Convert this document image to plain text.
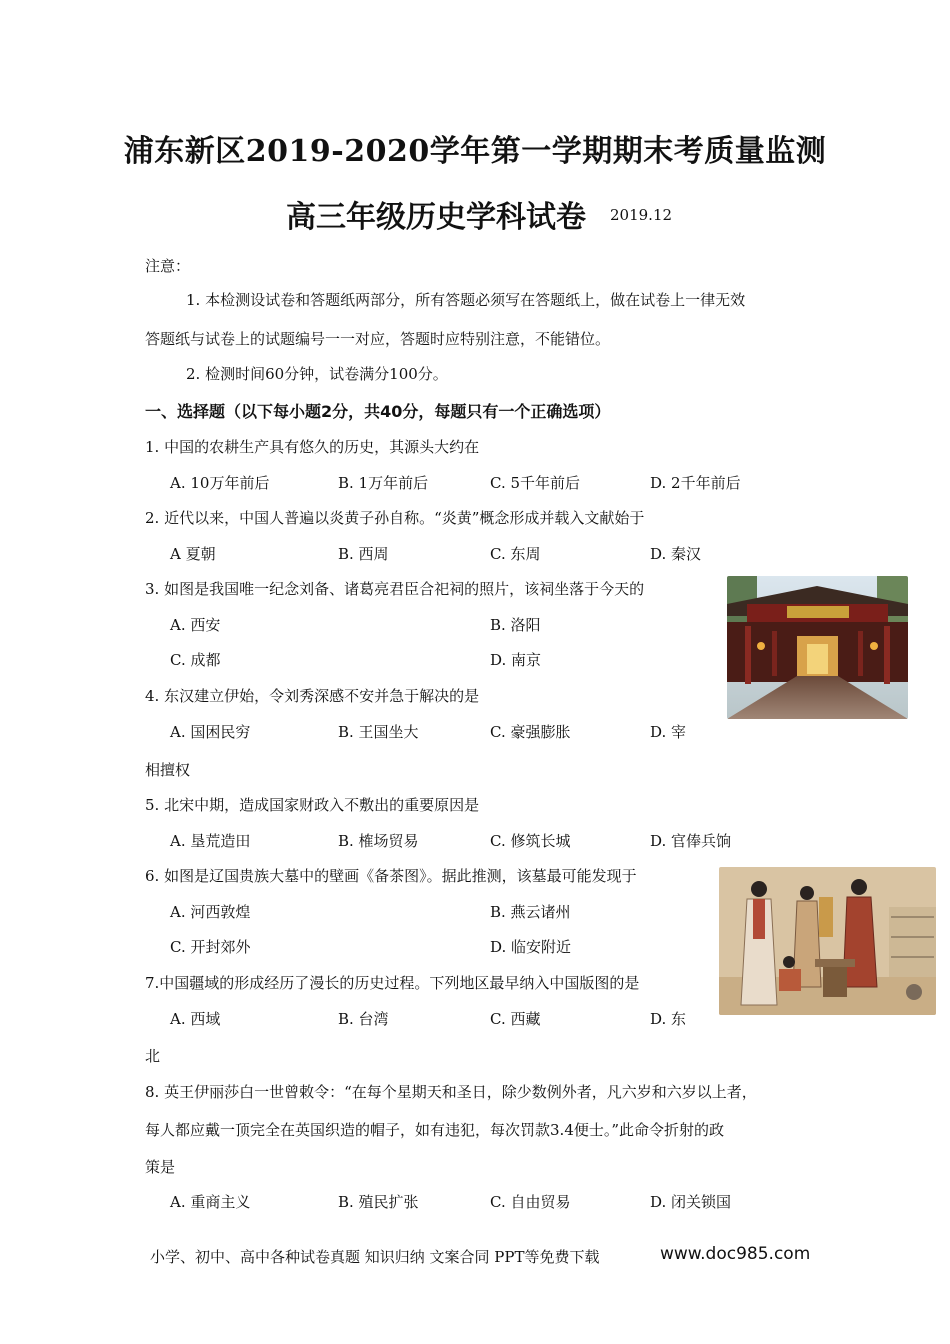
浦东新区2019-2020学年第一学期期末考质量监测
高三年级历史学科试卷 2019.12
注意：
1. 本检测设试卷和答题纸两部分，所有答题必须写在答题纸上，做在试卷上一律无效
答题纸与试卷上的试题编号一一对应，答题时应特别注意，不能错位。
2. 检测时间60分钟，试卷满分100分。
一、选择题（以下每小题2分，共40分，每题只有一个正确选项）
1. 中国的农耕生产具有悠久的历史，其源头大约在
A. 10万年前后	B. 1万年前后	C. 5千年前后	D. 2千年前后
2. 近代以来，中国人普遍以炎黄子孙自称。“炎黄”概念形成并载入文献始于
A 夏朝	B. 西周	C. 东周	D. 秦汉
3. 如图是我国唯一纪念刘备、诸葛亮君臣合祀祠的照片，该祠坐落于今天的
A. 西安	B. 洛阳
C. 成都	D. 南京
4. 东汉建立伊始，令刘秀深感不安并急于解决的是
A. 国困民穷	B. 王国坐大	C. 豪强膨胀	D. 宰
相擅权
5. 北宋中期，造成国家财政入不敷出的重要原因是
A. 垦荒造田	B. 榷场贸易	C. 修筑长城	D. 官俸兵饷
6. 如图是辽国贵族大墓中的壁画《备茶图》。据此推测，该墓最可能发现于
A. 河西敦煌	B. 燕云诸州
C. 开封郊外	D. 临安附近
7.中国疆域的形成经历了漫长的历史过程。下列地区最早纳入中国版图的是
A. 西域	B. 台湾	C. 西藏	D. 东
北
8. 英王伊丽莎白一世曾敕令：“在每个星期天和圣日，除少数例外者，凡六岁和六岁以上者，
每人都应戴一顶完全在英国织造的帽子，如有违犯，每次罚款3.4便士。”此命令折射的政
策是
A. 重商主义	B. 殖民扩张	C. 自由贸易	D. 闭关锁国
小学、初中、高中各种试卷真题 知识归纳 文案合同 PPT等免费下载	www.doc985.com
